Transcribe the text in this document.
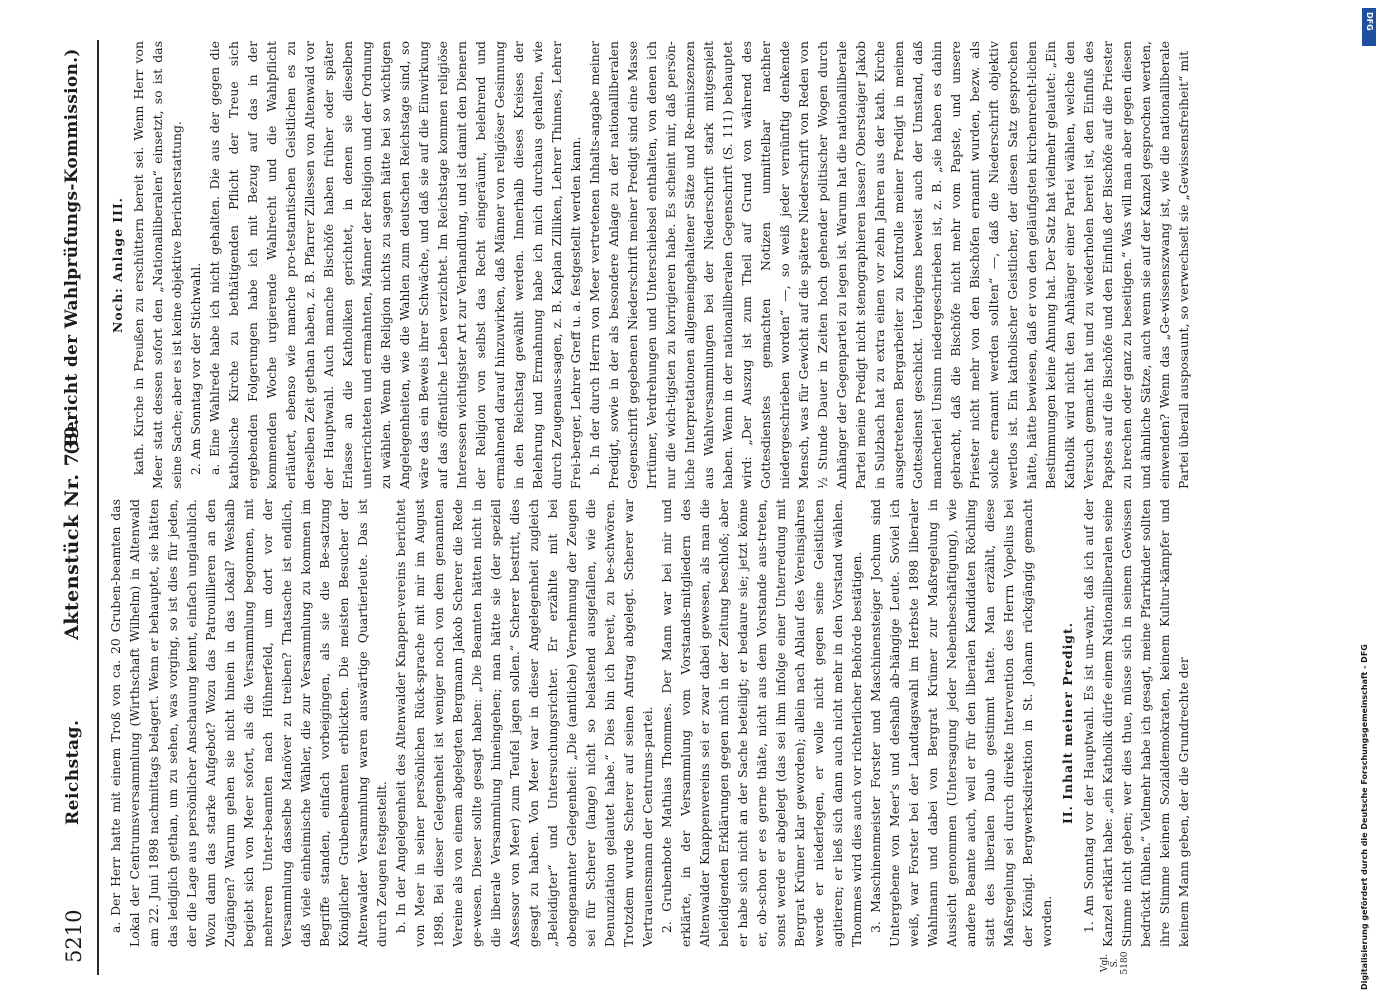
5210
Reichstag.
Aktenstück Nr. 739.
(Bericht der Wahlprüfungs-Kommission.)
Vgl. S. 5180

a. Der Herr hatte mit einem Troß von ca. 20 Gruben-beamten das Lokal der Centrumsversammlung (Wirthschaft Wilhelm) in Altenwald am 22. Juni 1898 nachmittags belagert. Wenn er behauptet, sie hätten das lediglich gethan, um zu sehen, was vorging, so ist dies für jeden, der die Lage aus persönlicher Anschauung kennt, einfach unglaublich. Wozu dann das starke Aufgebot? Wozu das Patrouillieren an den Zugängen? Warum gehen sie nicht hinein in das Lokal? Weshalb begiebt sich von Meer sofort, als die Versammlung begonnen, mit mehreren Unter-beamten nach Hühnerfeld, um dort vor der Versammlung dasselbe Manöver zu treiben? Thatsache ist endlich, daß viele einheimische Wähler, die zur Versammlung zu kommen im Begriffe standen, einfach vorbeigingen, als sie die Be-satzung Königlicher Grubenbeamten erblickten. Die meisten Besucher der Altenwalder Versammlung waren auswärtige Quartierleute. Das ist durch Zeugen festgestellt. b. In der Angelegenheit des Altenwalder Knappen-vereins berichtet von Meer in seiner persönlichen Rück-sprache mit mir im August 1898. Bei dieser Gelegenheit ist weniger noch von dem genannten Vereine als von einem abgelegten Bergmann Jakob Scherer die Rede ge-wesen. Dieser sollte gesagt haben: „Die Beamten hätten nicht in die liberale Versammlung hineingehen; man hätte sie (der speziell Assessor von Meer) zum Teufel jagen sollen.“ Scherer bestritt, dies gesagt zu haben. Von Meer war in dieser Angelegenheit zugleich „Beleidigter“ und Untersuchungsrichter. Er erzählte mit bei obengenannter Gelegenheit: „Die (amtliche) Vernehmung der Zeugen sei für Scherer (lange) nicht so belastend ausgefallen, wie die Denunziation gelautet habe.“ Dies bin ich bereit, zu be-schwören. Trotzdem wurde Scherer auf seinen Antrag abgelegt. Scherer war Vertrauensmann der Centrums-partei. 2. Grubenbote Mathias Thommes. Der Mann war bei mir und erklärte, in der Versammlung vom Vorstands-mitgliedern des Altenwalder Knappenvereins sei er zwar dabei gewesen, als man die beleidigenden Erklärungen gegen mich in der Zeitung beschloß; aber er habe sich nicht an der Sache beteiligt; er bedaure sie; jetzt könne er, ob-schon er es gerne thäte, nicht aus dem Vorstande aus-treten, sonst werde er abgelegt (das sei ihm infolge einer Unterredung mit Bergrat Krümer klar geworden); allein nach Ablauf des Vereinsjahres werde er niederlegen, er wolle nicht gegen seine Geistlichen agitieren; er ließ sich dann auch nicht mehr in den Vorstand wählen. Thommes wird dies auch vor richterlicher Behörde bestätigen. 3. Maschinenmeister Forster und Maschinensteiger Jochum sind Untergebene von Meer's und deshalb ab-hängige Leute. Soviel ich weiß, war Forster bei der Landtagswahl im Herbste 1898 liberaler Wahlmann und dabei von Bergrat Krümer zur Maßregelung in Aussicht genommen (Untersagung jeder Nebenbeschäftigung), wie andere Beamte auch, weil er für den liberalen Kandidaten Röchling statt des liberalen Daub gestimmt hatte. Man erzählt, diese Maßregelung sei durch direkte Intervention des Herrn Vopelius bei der Königl. Bergwerksdirektion in St. Johann rückgängig gemacht worden.

II. Inhalt meiner Predigt. 1. Am Sonntag vor der Hauptwahl. Es ist un-wahr, daß ich auf der Kanzel erklärt habe: „ein Katholik dürfe einem Nationalliberalen seine Stimme nicht geben; wer dies thue, müsse sich in seinem Gewissen bedrückt fühlen.“ Vielmehr habe ich gesagt, meine Pfarrkinder sollten ihre Stimme keinem Sozialdemokraten, keinem Kultur-kämpfer und keinem Mann geben, der die Grundrechte der

Noch: Anlage III. kath. Kirche in Preußen zu erschüttern bereit sei. Wenn Herr von Meer statt dessen sofort den „Nationalliberalen“ einsetzt, so ist das seine Sache; aber es ist keine objektive Berichterstattung. 2. Am Sonntag vor der Stichwahl. a. Eine Wahlrede habe ich nicht gehalten. Die aus der gegen die katholische Kirche zu bethätigenden Pflicht der Treue sich ergebenden Folgerungen habe ich mit Bezug auf das in der kommenden Woche urgierende Wahlrecht und die Wahlpflicht erläutert, ebenso wie manche pro-testantischen Geistlichen es zu derselben Zeit gethan haben, z. B. Pfarrer Zillessen von Altenwald vor der Hauptwahl. Auch manche Bischöfe haben früher oder später Erlasse an die Katholiken gerichtet, in denen sie dieselben unterrichteten und ermahnten, Männer der Religion und der Ordnung zu wählen. Wenn die Religion nichts zu sagen hätte bei so wichtigen Angelegenheiten, wie die Wahlen zum deutschen Reichstage sind, so wäre das ein Beweis ihrer Schwäche, und daß sie auf die Einwirkung auf das öffentliche Leben verzichtet. Im Reichstage kommen religiöse Interessen wichtigster Art zur Verhandlung, und ist damit den Dienern der Religion von selbst das Recht eingeräumt, belehrend und ermahnend darauf hinzuwirken, daß Männer von religiöser Gesinnung in den Reichstag gewählt werden. Innerhalb dieses Kreises der Belehrung und Ermahnung habe ich mich durchaus gehalten, wie durch Zeugenaus-sagen, z. B. Kaplan Zilliken, Lehrer Thinnes, Lehrer Frei-berger, Lehrer Greff u. a. festgestellt werden kann. b. In der durch Herrn von Meer vertretenen Inhalts-angabe meiner Predigt, sowie in der als besondere Anlage zu der nationalliberalen Gegenschrift gegebenen Niederschrift meiner Predigt sind eine Masse Irrtümer, Verdrehungen und Unterschiebsel enthalten, von denen ich nur die wich-tigsten zu korrigieren habe. Es scheint mir, daß persön-liche Interpretationen allgemeingehaltener Sätze und Re-miniszenzen aus Wahlversammlungen bei der Niederschrift stark mitgespielt haben. Wenn in der nationalliberalen Gegenschrift (S. 111) behauptet wird: „Der Auszug ist zum Theil auf Grund von während des Gottesdienstes gemachten Notizen unmittelbar nachher niedergeschrieben worden“ —, so weiß jeder vernünftig denkende Mensch, was für Gewicht auf die spätere Niederschrift von Reden von ½ Stunde Dauer in Zeiten hoch gehender politischer Wogen durch Anhänger der Gegenpartei zu legen ist. Warum hat die nationalliberale Partei meine Predigt nicht stenographieren lassen? Oberstaiger Jakob in Sulzbach hat zu extra einen vor zehn Jahren aus der kath. Kirche ausgetretenen Bergarbeiter zu Kontrolle meiner Predigt in meinen Gottesdienst geschickt. Uebrigens beweist auch der Umstand, daß mancherlei Unsinn niedergeschrieben ist, z. B. „sie haben es dahin gebracht, daß die Bischöfe nicht mehr vom Papste, und unsere Priester nicht mehr von den Bischöfen ernannt wurden, bezw. als solche ernannt werden sollten“ —, daß die Niederschrift objektiv wertlos ist. Ein katholischer Geistlicher, der diesen Satz gesprochen hätte, hätte bewiesen, daß er von den geläufigsten kirchenrecht-lichen Bestimmungen keine Ahnung hat. Der Satz hat vielmehr gelautet: „Ein Katholik wird nicht den Anhänger einer Partei wählen, welche den Versuch gemacht hat und zu wiederholen bereit ist, den Einfluß des Papstes auf die Bischöfe und den Einfluß der Bischöfe auf die Priester zu brechen oder ganz zu beseitigen.“ Was will man aber gegen diesen und ähnliche Sätze, auch wenn sie auf der Kanzel gesprochen werden, einwenden? Wenn das „Ge-wissenszwang ist, wie die nationalliberale Partei überall ausposaunt, so verwechselt sie „Gewissensfreiheit“ mit

Digitalisierung gefördert durch die Deutsche Forschungsgemeinschaft - DFG
DFG
